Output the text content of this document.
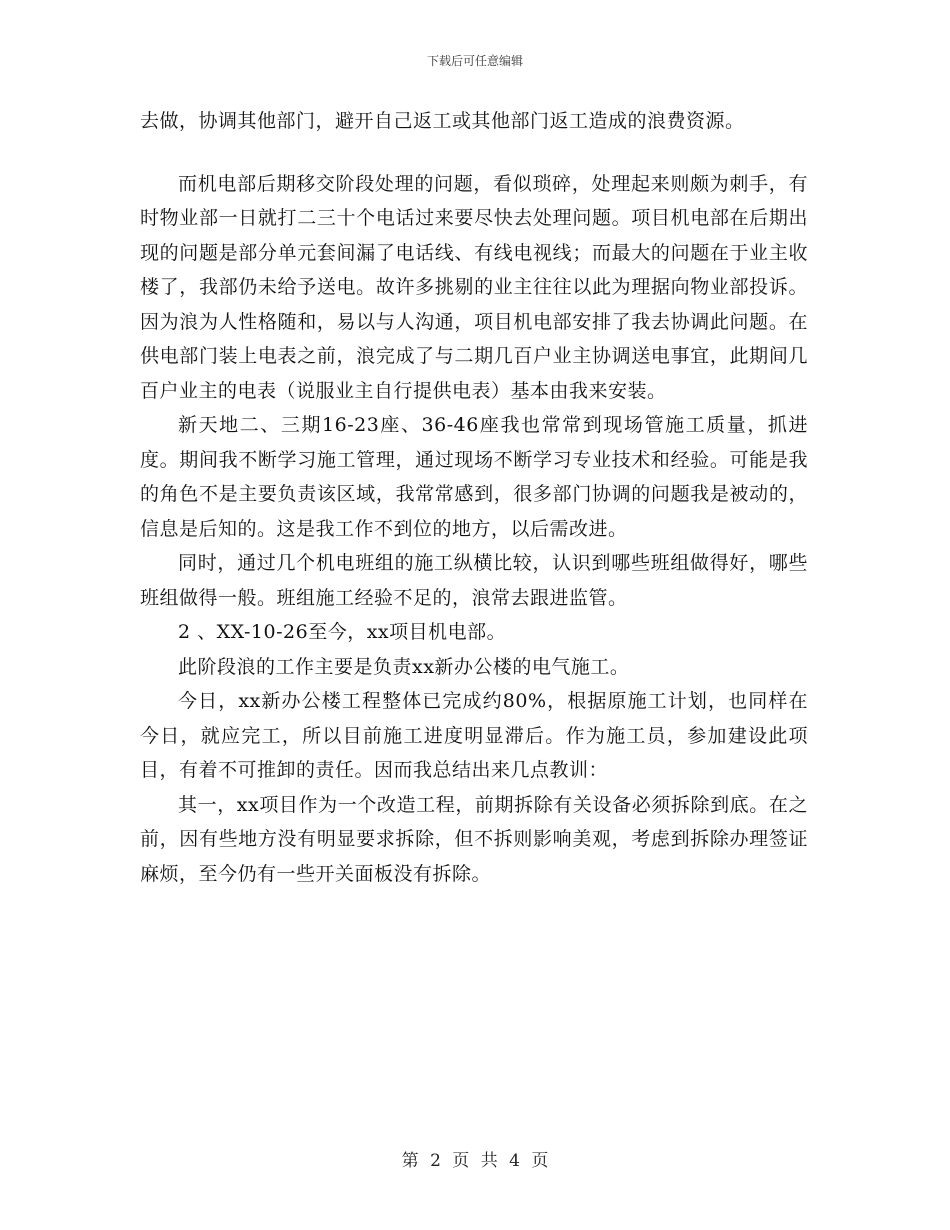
下载后可任意编辑

去做，协调其他部门，避开自己返工或其他部门返工造成的浪费资源。

而机电部后期移交阶段处理的问题，看似琐碎，处理起来则颇为刺手，有时物业部一日就打二三十个电话过来要尽快去处理问题。项目机电部在后期出现的问题是部分单元套间漏了电话线、有线电视线；而最大的问题在于业主收楼了，我部仍未给予送电。故许多挑剔的业主往往以此为理据向物业部投诉。因为浪为人性格随和，易以与人沟通，项目机电部安排了我去协调此问题。在供电部门装上电表之前，浪完成了与二期几百户业主协调送电事宜，此期间几百户业主的电表（说服业主自行提供电表）基本由我来安装。

新天地二、三期16-23座、36-46座我也常常到现场管施工质量，抓进度。期间我不断学习施工管理，通过现场不断学习专业技术和经验。可能是我的角色不是主要负责该区域，我常常感到，很多部门协调的问题我是被动的，信息是后知的。这是我工作不到位的地方，以后需改进。

同时，通过几个机电班组的施工纵横比较，认识到哪些班组做得好，哪些班组做得一般。班组施工经验不足的，浪常去跟进监管。

2 、XX-10-26至今，xx项目机电部。

此阶段浪的工作主要是负责xx新办公楼的电气施工。

今日，xx新办公楼工程整体已完成约80%，根据原施工计划，也同样在今日，就应完工，所以目前施工进度明显滞后。作为施工员，参加建设此项目，有着不可推卸的责任。因而我总结出来几点教训：

其一，xx项目作为一个改造工程，前期拆除有关设备必须拆除到底。在之前，因有些地方没有明显要求拆除，但不拆则影响美观，考虑到拆除办理签证麻烦，至今仍有一些开关面板没有拆除。

第 2 页 共 4 页
